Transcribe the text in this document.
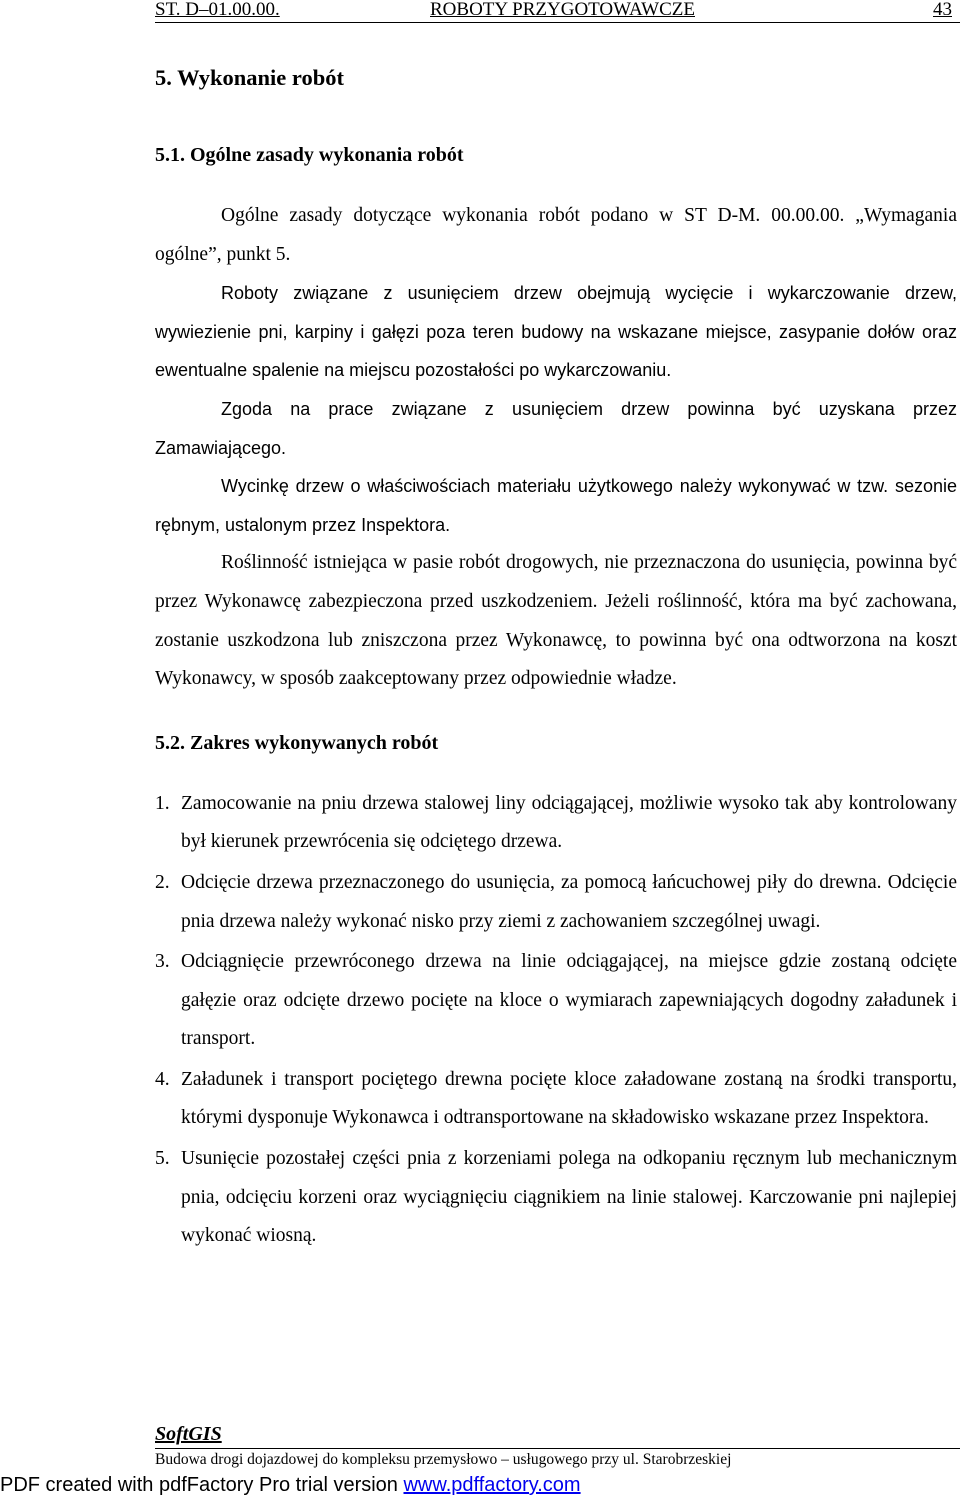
ST. D–01.00.00.	ROBOTY PRZYGOTOWAWCZE	43
5. Wykonanie robót
5.1. Ogólne zasady wykonania robót

Ogólne zasady dotyczące wykonania robót podano w ST D-M. 00.00.00. „Wymagania ogólne”, punkt 5.

Roboty związane z usunięciem drzew obejmują wycięcie i wykarczowanie drzew, wywiezienie pni, karpiny i gałęzi poza teren budowy na wskazane miejsce, zasypanie dołów oraz ewentualne spalenie na miejscu pozostałości po wykarczowaniu.

Zgoda na prace związane z usunięciem drzew powinna być uzyskana przez Zamawiającego.

Wycinkę drzew o właściwościach materiału użytkowego należy wykonywać w tzw. sezonie rębnym, ustalonym przez Inspektora.

Roślinność istniejąca w pasie robót drogowych, nie przeznaczona do usunięcia, powinna być przez Wykonawcę zabezpieczona przed uszkodzeniem. Jeżeli roślinność, która ma być zachowana, zostanie uszkodzona lub zniszczona przez Wykonawcę, to powinna być ona odtworzona na koszt Wykonawcy, w sposób zaakceptowany przez odpowiednie władze.

5.2. Zakres wykonywanych robót
1. Zamocowanie na pniu drzewa stalowej liny odciągającej, możliwie wysoko tak aby kontrolowany był kierunek przewrócenia się odciętego drzewa.
2. Odcięcie drzewa przeznaczonego do usunięcia, za pomocą łańcuchowej piły do drewna. Odcięcie pnia drzewa należy wykonać nisko przy ziemi z zachowaniem szczególnej uwagi.
3. Odciągnięcie przewróconego drzewa na linie odciągającej, na miejsce gdzie zostaną odcięte gałęzie oraz odcięte drzewo pocięte na kloce o wymiarach zapewniających dogodny załadunek i transport.
4. Załadunek i transport pociętego drewna pocięte kloce załadowane zostaną na środki transportu, którymi dysponuje Wykonawca i odtransportowane na składowisko wskazane przez Inspektora.
5. Usunięcie pozostałej części pnia z korzeniami polega na odkopaniu ręcznym lub mechanicznym pnia, odcięciu korzeni oraz wyciągnięciu ciągnikiem na linie stalowej. Karczowanie pni najlepiej wykonać wiosną.
SoftGIS
Budowa drogi dojazdowej do kompleksu przemysłowo – usługowego przy ul. Starobrzeskiej
PDF created with pdfFactory Pro trial version www.pdffactory.com
